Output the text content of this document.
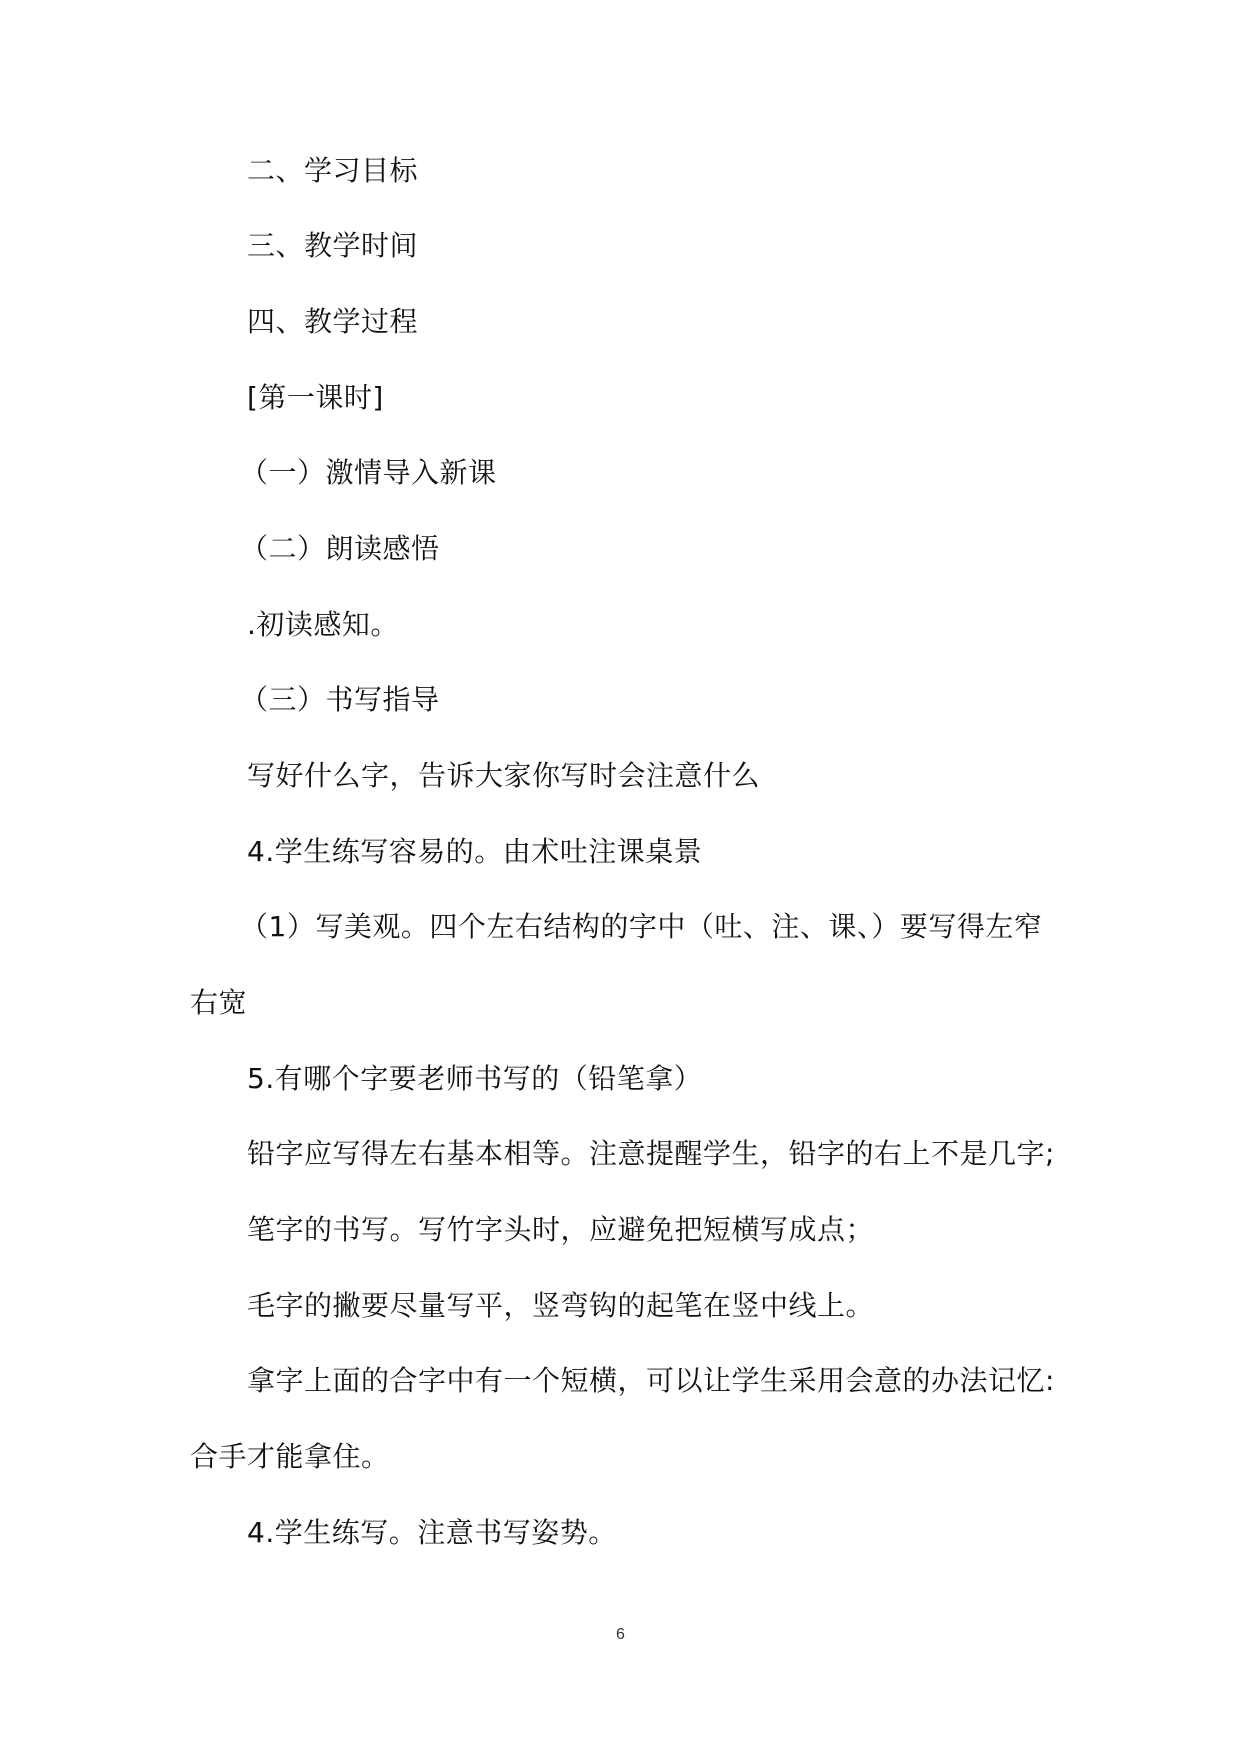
二、学习目标
三、教学时间
四、教学过程
[第一课时]
（一）激情导入新课
（二）朗读感悟
.初读感知。
（三）书写指导
写好什么字，告诉大家你写时会注意什么
4.学生练写容易的。由术吐注课桌景
（1）写美观。四个左右结构的字中（吐、注、课、）要写得左窄
右宽
5.有哪个字要老师书写的（铅笔拿）
铅字应写得左右基本相等。注意提醒学生，铅字的右上不是几字;
笔字的书写。写竹字头时，应避免把短横写成点；
毛字的撇要尽量写平，竖弯钩的起笔在竖中线上。
拿字上面的合字中有一个短横，可以让学生采用会意的办法记忆:
合手才能拿住。
4.学生练写。注意书写姿势。
6
